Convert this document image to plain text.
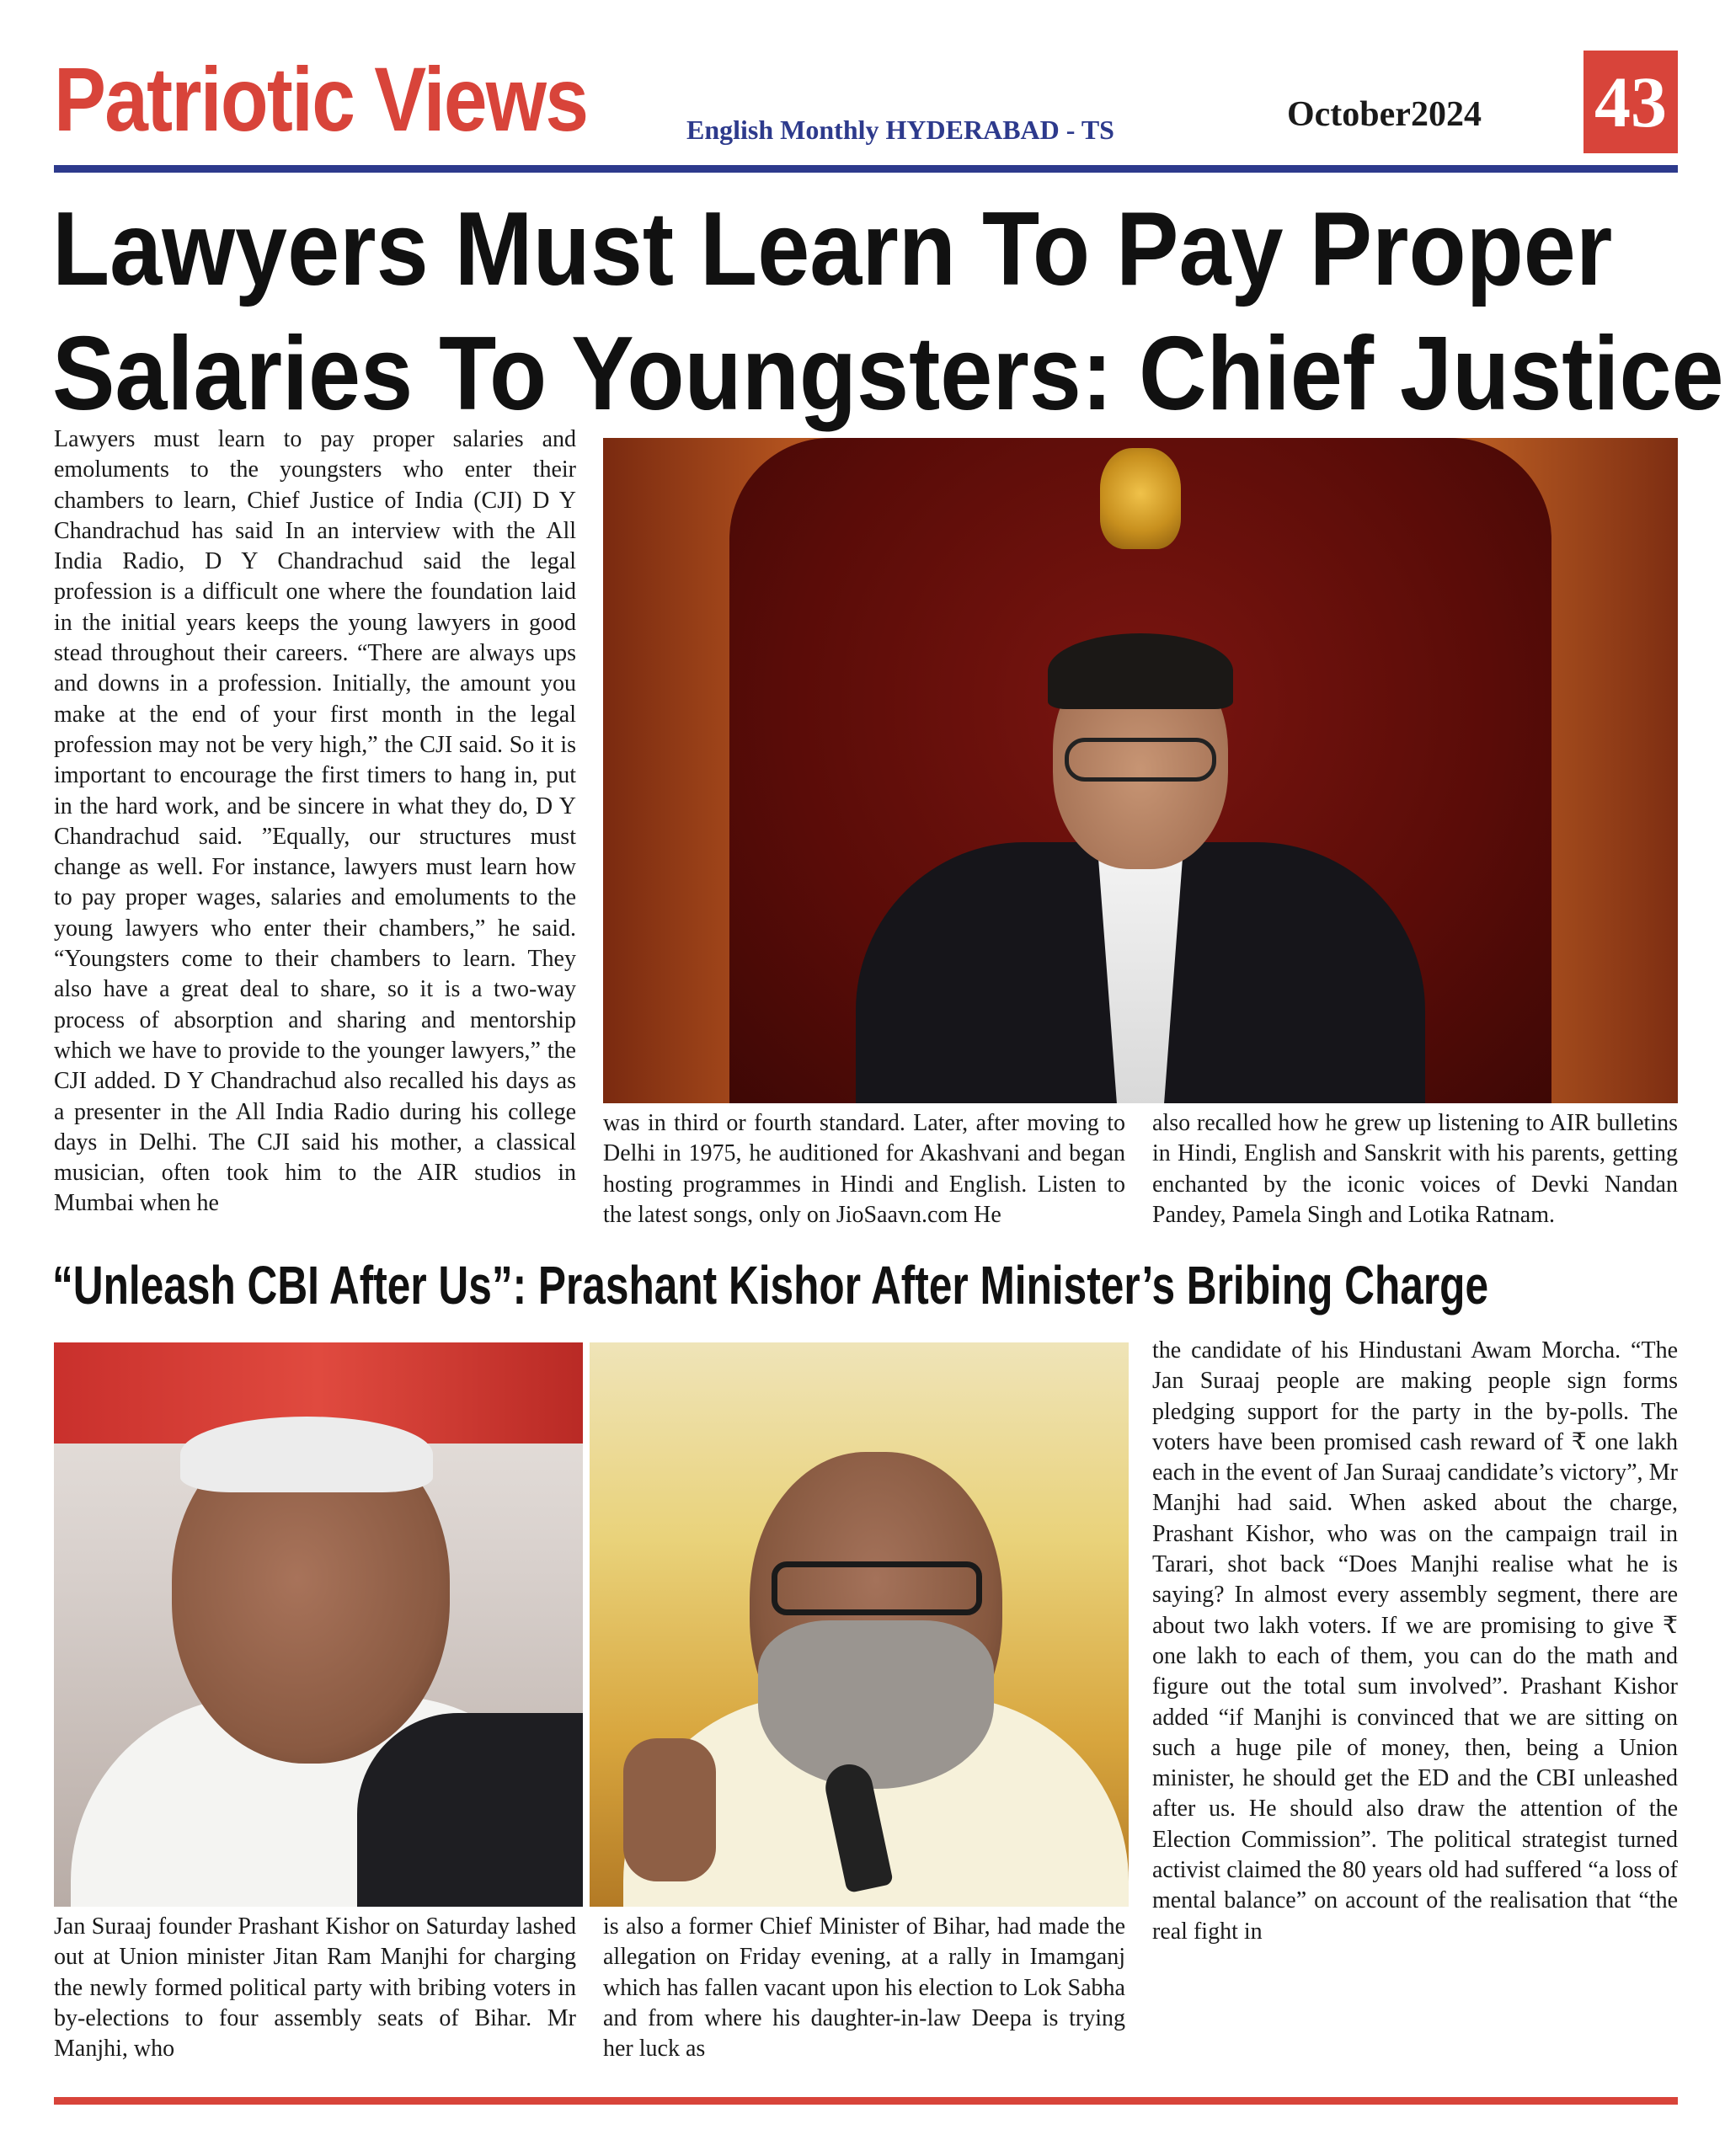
Patriotic Views	English Monthly HYDERABAD - TS	October2024 43
Lawyers Must Learn To Pay Proper
Salaries To Youngsters: Chief Justice
Lawyers must learn to pay proper salaries and emoluments to the youngsters who enter their chambers to learn, Chief Justice of India (CJI) D Y Chandrachud has said In an interview with the All India Radio, D Y Chandrachud said the legal profession is a difficult one where the foundation laid in the initial years keeps the young lawyers in good stead throughout their careers. “There are always ups and downs in a profession. Initially, the amount you make at the end of your first month in the legal profession may not be very high,” the CJI said. So it is important to encourage the first timers to hang in, put in the hard work, and be sincere in what they do, D Y Chandrachud said. ”Equally, our structures must change as well. For instance, lawyers must learn how to pay proper wages, salaries and emoluments to the young lawyers who enter their chambers,” he said. “Youngsters come to their chambers to learn. They also have a great deal to share, so it is a two-way process of absorption and sharing and mentorship which we have to provide to the younger lawyers,” the CJI added. D Y Chandrachud also recalled his days as a presenter in the All India Radio during his college days in Delhi. The CJI said his mother, a classical musician, often took him to the AIR studios in Mumbai when he
was in third or fourth standard. Later, after moving to Delhi in 1975, he auditioned for Akashvani and began hosting programmes in Hindi and English. Listen to the latest songs, only on JioSaavn.com He
also recalled how he grew up listening to AIR bulletins in Hindi, English and Sanskrit with his parents, getting enchanted by the iconic voices of Devki Nandan Pandey, Pamela Singh and Lotika Ratnam.
“Unleash CBI After Us”: Prashant Kishor After Minister’s Bribing Charge
the candidate of his Hindustani Awam Morcha. “The Jan Suraaj people are making people sign forms pledging support for the party in the by-polls. The voters have been promised cash reward of ₹ one lakh each in the event of Jan Suraaj candidate’s victory”, Mr Manjhi had said. When asked about the charge, Prashant Kishor, who was on the campaign trail in Tarari, shot back “Does Manjhi realise what he is saying? In almost every assembly segment, there are about two lakh voters. If we are promising to give ₹ one lakh to each of them, you can do the math and figure out the total sum involved”. Prashant Kishor added “if Manjhi is convinced that we are sitting on such a huge pile of money, then, being a Union minister, he should get the ED and the CBI unleashed after us. He should also draw the attention of the Election Commission”. The political strategist turned activist claimed the 80 years old had suffered “a loss of mental balance” on account of the realisation that “the real fight in
Jan Suraaj founder Prashant Kishor on Saturday lashed out at Union minister Jitan Ram Manjhi for charging the newly formed political party with bribing voters in by-elections to four assembly seats of Bihar. Mr Manjhi, who
is also a former Chief Minister of Bihar, had made the allegation on Friday evening, at a rally in Imamganj which has fallen vacant upon his election to Lok Sabha and from where his daughter-in-law Deepa is trying her luck as
